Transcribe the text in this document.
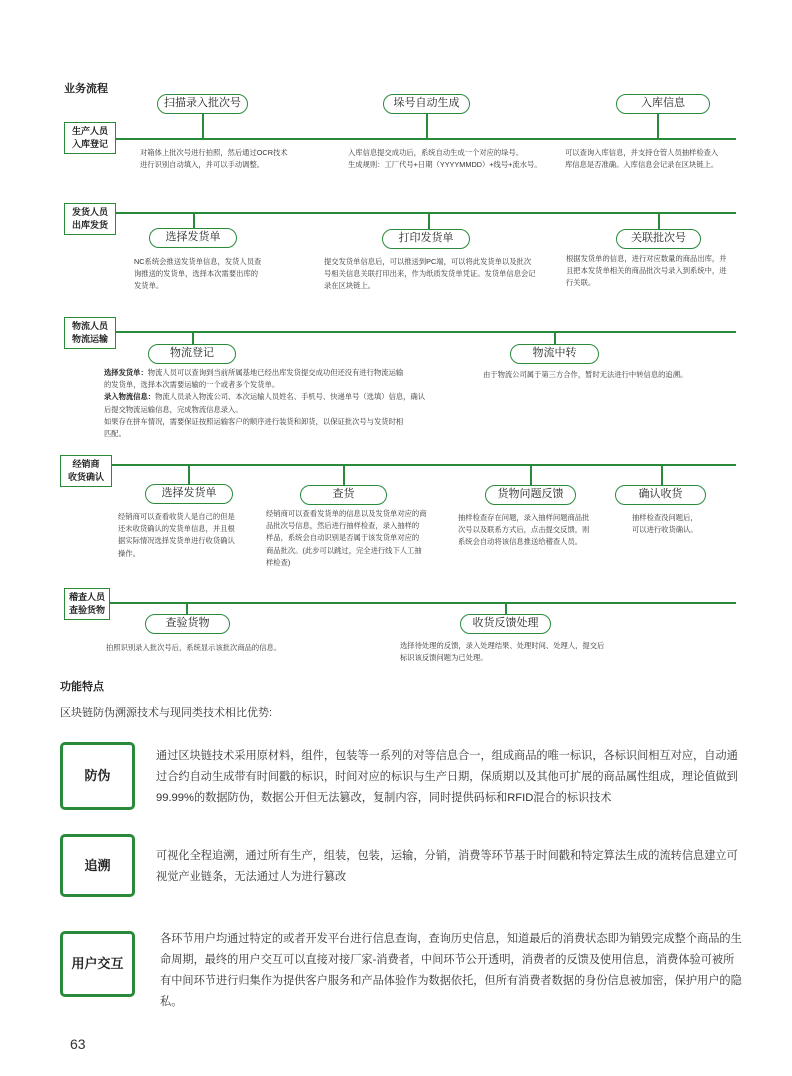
业务流程
生产人员
入库登记
扫描录入批次号	垛号自动生成	入库信息
对箱体上批次号进行拍照，然后通过OCR技术
进行识别自动填入，并可以手动调整。
入库信息提交成功后，系统自动生成一个对应的垛号。
生成规则：工厂代号+日期（YYYYMMDD）+线号+流水号。
可以查询入库信息，并支持仓管人员抽样检查入
库信息是否准确。入库信息会记录在区块链上。
发货人员
出库发货
选择发货单	打印发货单	关联批次号
NC系统会推送发货单信息，发货人员查
询推送的发货单，选择本次需要出库的
发货单。
提交发货单信息后，可以推送到PC端，可以将此发货单以及批次
号相关信息关联打印出来，作为纸质发货单凭证。发货单信息会记
录在区块链上。
根据发货单的信息，进行对应数量的商品出库，并
且把本发货单相关的商品批次号录入到系统中，进
行关联。
物流人员
物流运输
物流登记	物流中转
选择发货单：物流人员可以查询到当前所属基地已经出库发货提交成功但还没有进行物流运输
的发货单，选择本次需要运输的一个或者多个发货单。
录入物流信息：物流人员录入物流公司、本次运输人员姓名、手机号、快递单号（选填）信息，确认
后提交物流运输信息，完成物流信息录入。
如果存在拼车情况，需要保证按照运输客户的顺序进行装货和卸货，以保证批次号与发货时相
匹配。
由于物流公司属于第三方合作，暂时无法进行中转信息的追溯。
经销商
收货确认
选择发货单	查货	货物问题反馈	确认收货
经销商可以查看收货人是自己的但是
还未收货确认的发货单信息，并且根
据实际情况选择发货单进行收货确认
操作。
经销商可以查看发货单的信息以及发货单对应的商
品批次号信息，然后进行抽样检查，录入抽样的
样品，系统会自动识别是否属于该发货单对应的
商品批次。(此步可以跳过，完全进行线下人工抽
样检查)
抽样检查存在问题，录入抽样问题商品批
次号以及联系方式后，点击提交反馈，则
系统会自动将该信息推送给稽查人员。
抽样检查没问题后，
可以进行收货确认。
稽查人员
查验货物
查验货物	收货反馈处理
拍照识别录入批次号后，系统显示该批次商品的信息。	选择待处理的反馈，录入处理结果、处理时间、处理人，提交后
标识该反馈问题为已处理。
功能特点
区块链防伪溯源技术与现同类技术相比优势:
防伪
通过区块链技术采用原材料，组件，包装等一系列的对等信息合一，组成商品的唯一标识，各标识间相互对应，自动通过合约自动生成带有时间戳的标识，时间对应的标识与生产日期，保质期以及其他可扩展的商品属性组成，理论值做到99.99%的数据防伪，数据公开但无法篡改，复制内容，同时提供码标和RFID混合的标识技术
追溯
可视化全程追溯，通过所有生产，组装，包装，运输，分销，消费等环节基于时间戳和特定算法生成的流转信息建立可视觉产业链条，无法通过人为进行篡改
用户交互
各环节用户均通过特定的或者开发平台进行信息查询，查询历史信息，知道最后的消费状态即为销毁完成整个商品的生命周期，最终的用户交互可以直接对接厂家-消费者，中间环节公开透明，消费者的反馈及使用信息，消费体验可被所有中间环节进行归集作为提供客户服务和产品体验作为数据依托，但所有消费者数据的身份信息被加密，保护用户的隐私。
63
